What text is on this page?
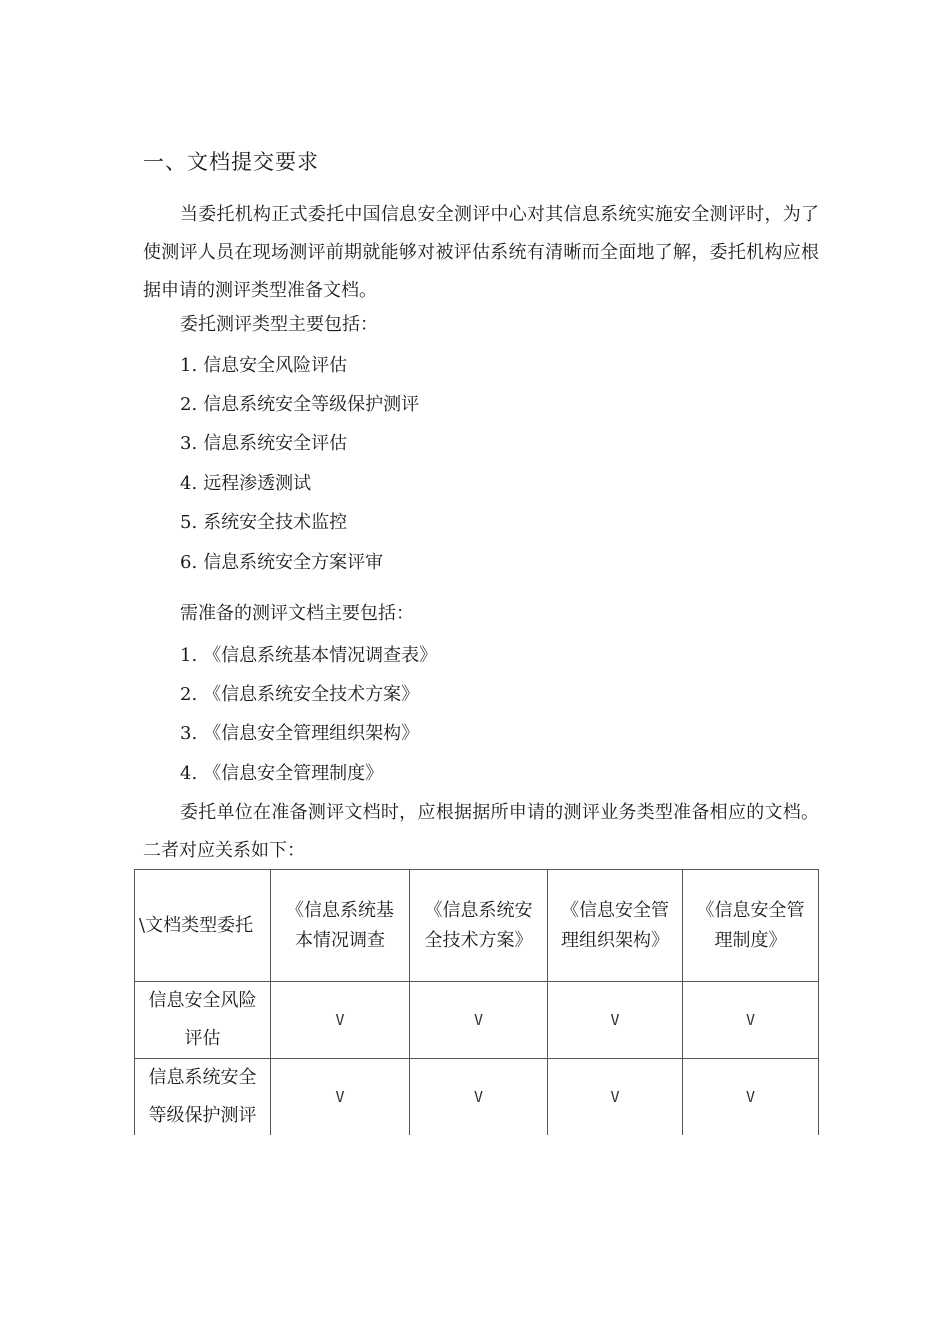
一、文档提交要求

当委托机构正式委托中国信息安全测评中心对其信息系统实施安全测评时，为了使测评人员在现场测评前期就能够对被评估系统有清晰而全面地了解，委托机构应根据申请的测评类型准备文档。

委托测评类型主要包括：
1. 信息安全风险评估
2. 信息系统安全等级保护测评
3. 信息系统安全评估
4. 远程渗透测试
5. 系统安全技术监控
6. 信息系统安全方案评审
需准备的测评文档主要包括：
1. 《信息系统基本情况调查表》
2. 《信息系统安全技术方案》
3. 《信息安全管理组织架构》
4. 《信息安全管理制度》

委托单位在准备测评文档时，应根据据所申请的测评业务类型准备相应的文档。二者对应关系如下：

\文档类型委托	《信息系统基本情况调查	《信息系统安全技术方案》	《信息安全管理组织架构》	《信息安全管理制度》
信息安全风险评估	V	V	V	V
信息系统安全等级保护测评	V	V	V	V
